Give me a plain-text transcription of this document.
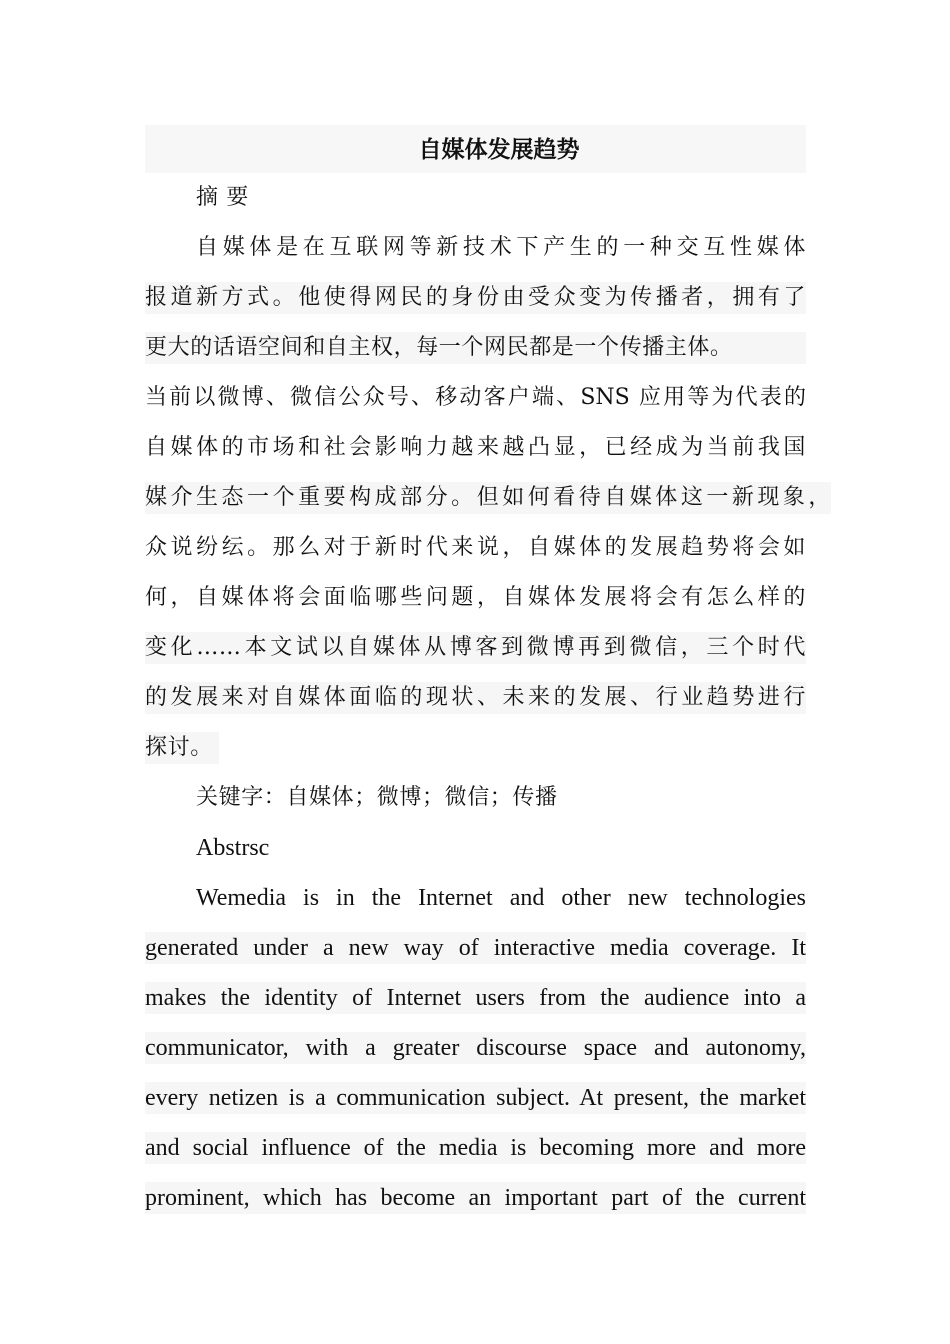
自媒体发展趋势
摘 要
自媒体是在互联网等新技术下产生的一种交互性媒体
报道新方式。他使得网民的身份由受众变为传播者，拥有了
更大的话语空间和自主权，每一个网民都是一个传播主体。
当前以微博、微信公众号、移动客户端、SNS 应用等为代表的
自媒体的市场和社会影响力越来越凸显，已经成为当前我国
媒介生态一个重要构成部分。但如何看待自媒体这一新现象，
众说纷纭。那么对于新时代来说，自媒体的发展趋势将会如
何，自媒体将会面临哪些问题，自媒体发展将会有怎么样的
变化……本文试以自媒体从博客到微博再到微信，三个时代
的发展来对自媒体面临的现状、未来的发展、行业趋势进行
探讨。
关键字：自媒体；微博；微信；传播
Abstrsc
Wemedia is in the Internet and other new technologies
generated under a new way of interactive media coverage. It
makes the identity of Internet users from the audience into a
communicator, with a greater discourse space and autonomy,
every netizen is a communication subject. At present, the market
and social influence of the media is becoming more and more
prominent, which has become an important part of the current
